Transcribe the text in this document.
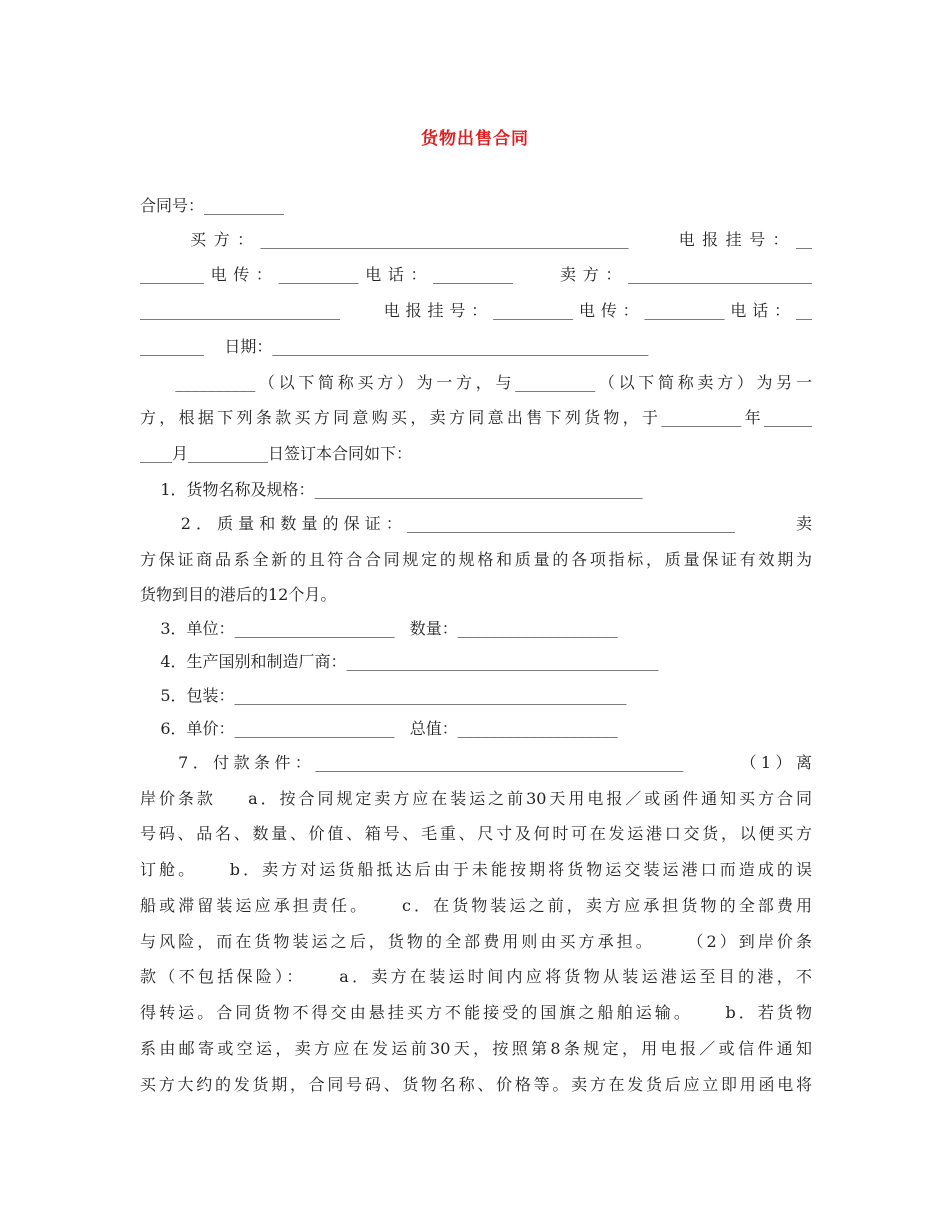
货物出售合同
合同号：__________
买方：______________________________________________    电报挂号：__
________电传：__________电话：__________    卖方：_______________________
_________________________    电报挂号：__________电传：__________电话：__
________    日期：_______________________________________________
__________（以下简称买方）为一方，与__________（以下简称卖方）为另一
方，根据下列条款买方同意购买，卖方同意出售下列货物，于__________年______
____月__________日签订本合同如下：
1．货物名称及规格：_________________________________________
2．质量和数量的保证：_________________________________________      卖
方保证商品系全新的且符合合同规定的规格和质量的各项指标，质量保证有效期为
货物到目的港后的12个月。
3．单位：____________________   数量：____________________
4．生产国别和制造厂商：_______________________________________
5．包装：_________________________________________________
6．单价：____________________   总值：____________________
7．付款条件：______________________________________________      （1）离
岸价条款    a．按合同规定卖方应在装运之前30天用电报／或函件通知买方合同
号码、品名、数量、价值、箱号、毛重、尺寸及何时可在发运港口交货，以便买方
订舱。    b．卖方对运货船抵达后由于未能按期将货物运交装运港口而造成的误
船或滞留装运应承担责任。    c．在货物装运之前，卖方应承担货物的全部费用
与风险，而在货物装运之后，货物的全部费用则由买方承担。    （2）到岸价条
款（不包括保险）：    a．卖方在装运时间内应将货物从装运港运至目的港，不
得转运。合同货物不得交由悬挂买方不能接受的国旗之船舶运输。    b．若货物
系由邮寄或空运，卖方应在发运前30天，按照第8条规定，用电报／或信件通知
买方大约的发货期，合同号码、货物名称、价格等。卖方在发货后应立即用函电将
